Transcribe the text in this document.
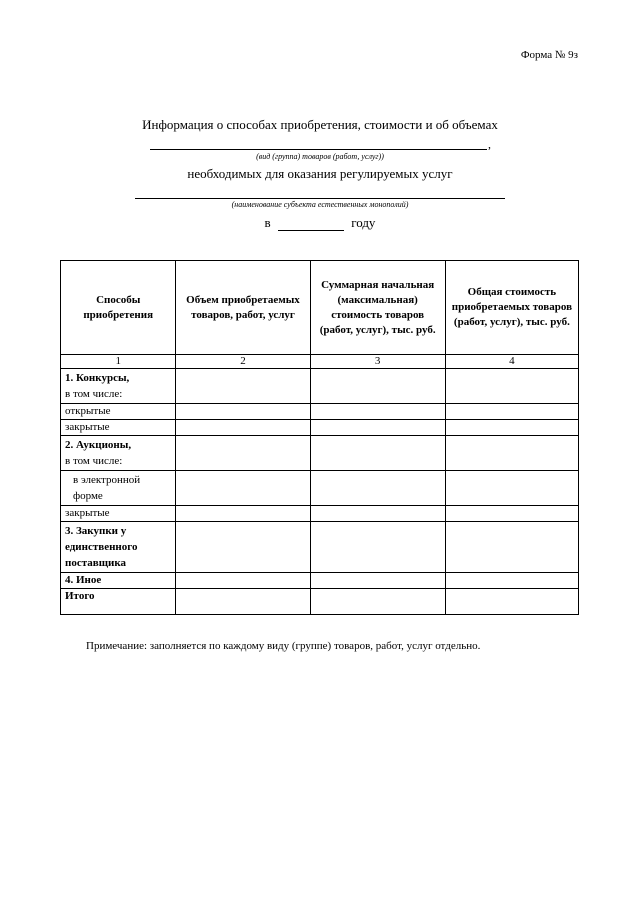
Форма № 9з
Информация о способах приобретения, стоимости и об объемах
,
(вид (группа) товаров (работ, услуг))
необходимых для оказания регулируемых услуг
(наименование субъекта естественных монополий)
в	году
Способы приобретения	Объем приобретаемых товаров, работ, услуг	Суммарная начальная (максимальная) стоимость товаров (работ, услуг), тыс. руб.	Общая стоимость приобретаемых товаров (работ, услуг), тыс. руб.
1	2	3	4

1. Конкурсы,
в том числе:			

открытые			
закрытые			

2. Аукционы,
в том числе:			

в электронной форме			
закрытые			
3. Закупки у единственного поставщика			
4. Иное			
Итого			
Примечание: заполняется по каждому виду (группе) товаров, работ, услуг отдельно.
